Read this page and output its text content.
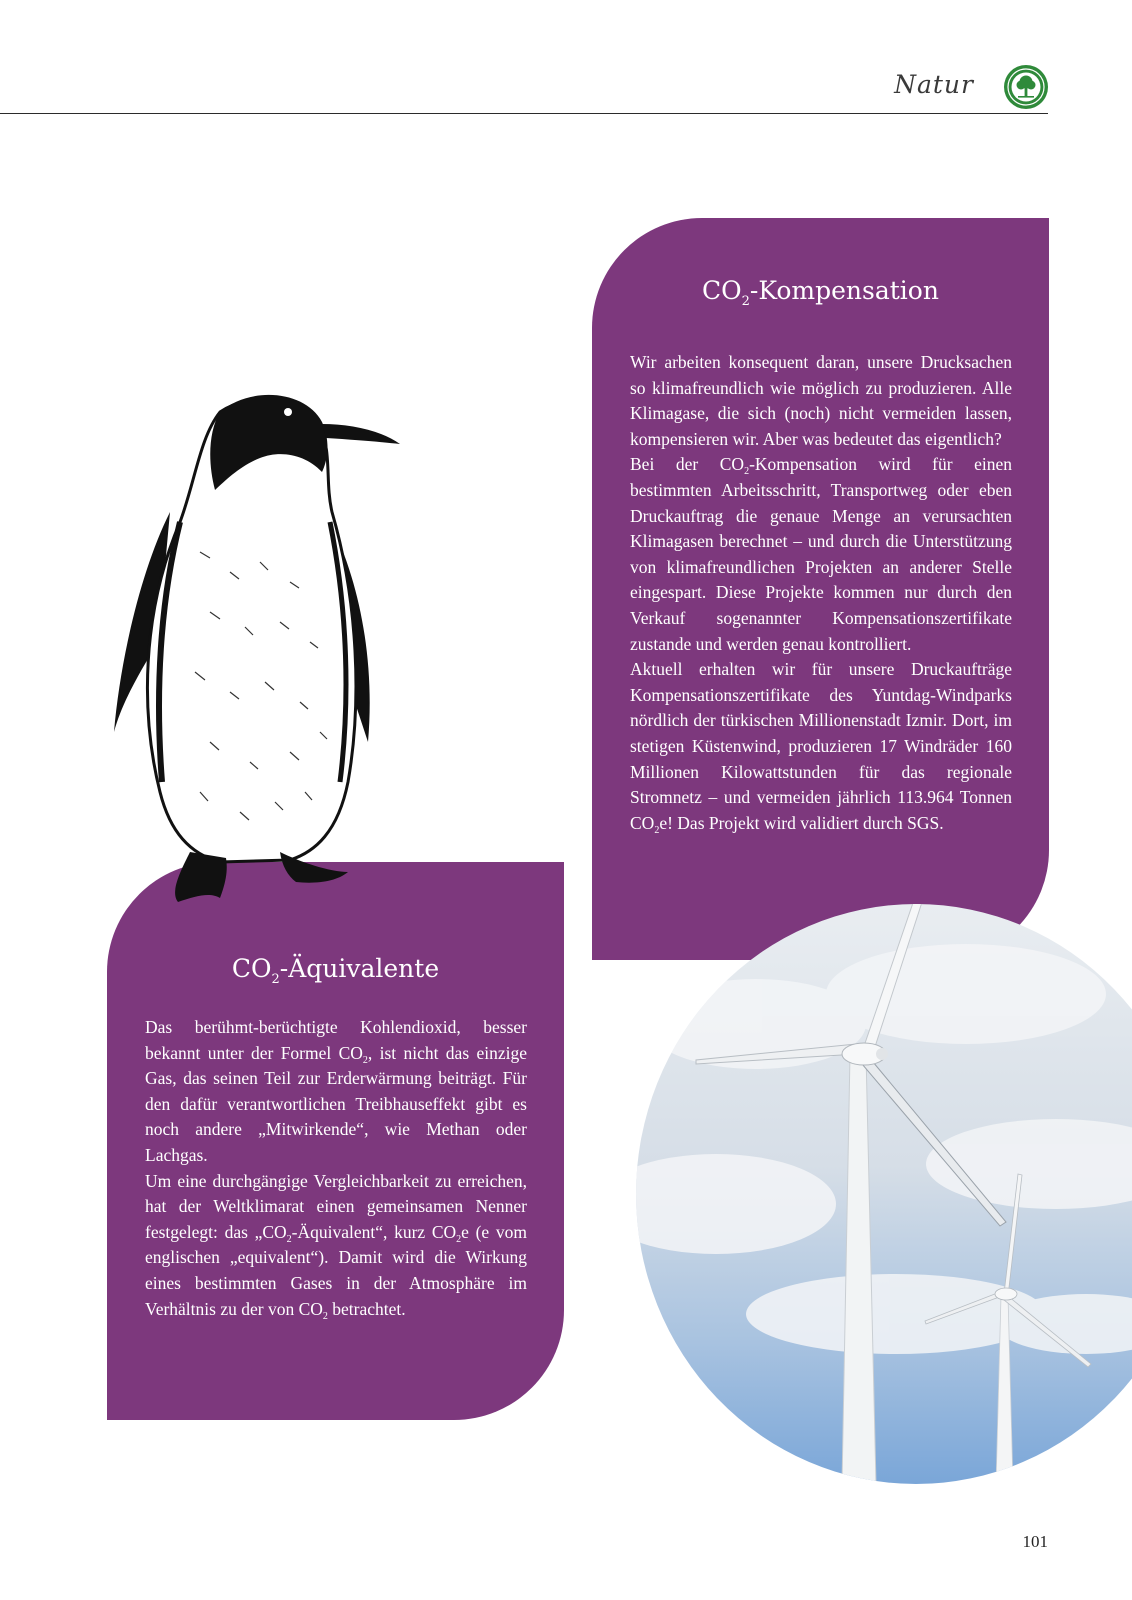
Natur
$CO_2$-Kompensation

Wir arbeiten konsequent daran, unsere Drucksachen so klimafreundlich wie möglich zu produzieren. Alle Klimagase, die sich (noch) nicht vermeiden lassen, kompensieren wir. Aber was bedeutet das eigentlich?

Bei der $CO_2$-Kompensation wird für einen bestimmten Arbeitsschritt, Transportweg oder eben Druckauftrag die genaue Menge an verursachten Klimagasen berechnet – und durch die Unterstützung von klimafreundlichen Projekten an anderer Stelle eingespart. Diese Projekte kommen nur durch den Verkauf sogenannter Kompensationszertifikate zustande und werden genau kontrolliert.

Aktuell erhalten wir für unsere Druckaufträge Kompensationszertifikate des Yuntdag-Windparks nördlich der türkischen Millionenstadt Izmir. Dort, im stetigen Küstenwind, produzieren 17 Windräder 160 Millionen Kilowattstunden für das regionale Stromnetz – und vermeiden jährlich 113.964 Tonnen $CO_2e$! Das Projekt wird validiert durch SGS.

$CO_2$-Äquivalente

Das berühmt-berüchtigte Kohlendioxid, besser bekannt unter der Formel $CO_2$, ist nicht das einzige Gas, das seinen Teil zur Erderwärmung beiträgt. Für den dafür verantwortlichen Treibhauseffekt gibt es noch andere „Mitwirkende“, wie Methan oder Lachgas.

Um eine durchgängige Vergleichbarkeit zu erreichen, hat der Weltklimarat einen gemeinsamen Nenner festgelegt: das $„CO_2-Äquivalent“$, kurz $CO_2e$ (e vom englischen „equivalent“). Damit wird die Wirkung eines bestimmten Gases in der Atmosphäre im Verhältnis zu der von $CO_2$ betrachtet.

101
